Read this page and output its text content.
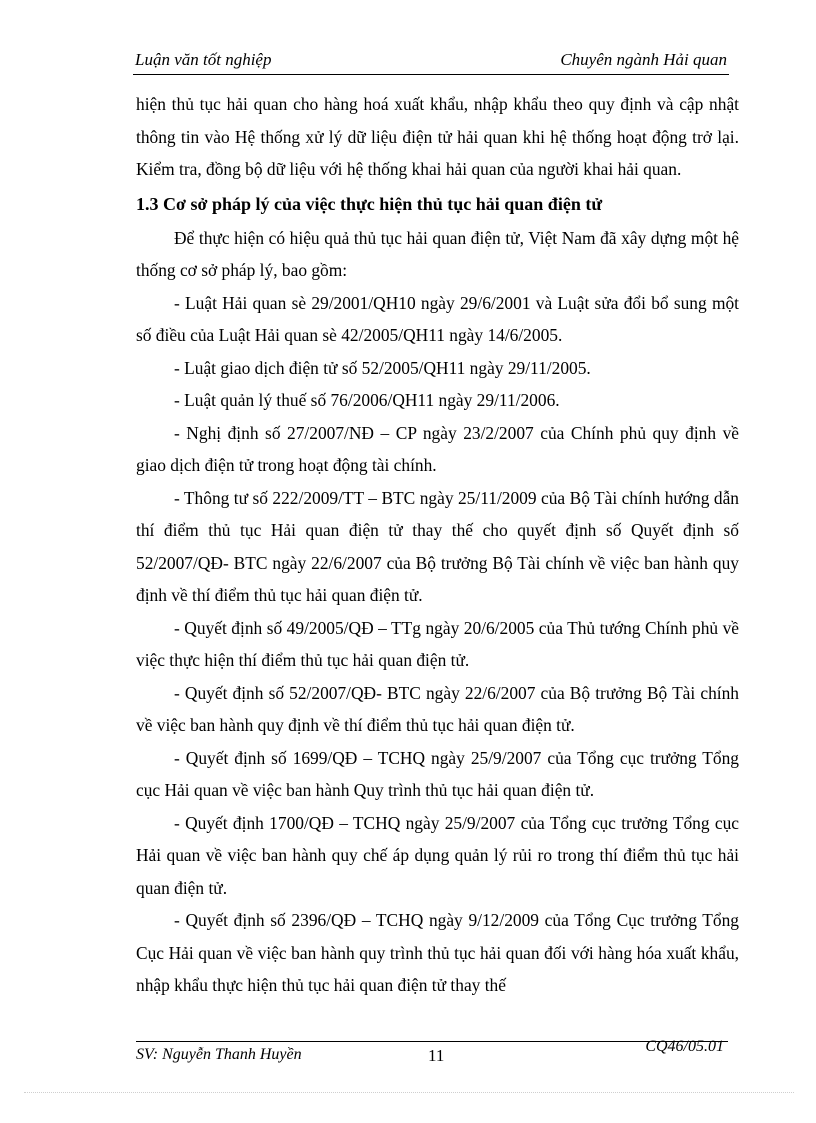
Luận văn tốt nghiệp	Chuyên ngành Hải quan

hiện thủ tục hải quan cho hàng hoá xuất khẩu, nhập khẩu theo quy định và cập nhật thông tin vào Hệ thống xử lý dữ liệu điện tử hải quan khi hệ thống hoạt động trở lại. Kiểm tra, đồng bộ dữ liệu với hệ thống khai hải quan của người khai hải quan.

1.3 Cơ sở pháp lý của việc thực hiện thủ tục hải quan điện tử

Để thực hiện có hiệu quả thủ tục hải quan điện tử, Việt Nam đã xây dựng một hệ thống cơ sở pháp lý, bao gồm:

- Luật Hải quan sè 29/2001/QH10 ngày 29/6/2001 và Luật sửa đổi bổ sung một số điều của Luật Hải quan sè 42/2005/QH11 ngày 14/6/2005.

- Luật giao dịch điện tử số 52/2005/QH11 ngày 29/11/2005.

- Luật quản lý thuế số 76/2006/QH11 ngày 29/11/2006.

- Nghị định số 27/2007/NĐ – CP ngày 23/2/2007 của Chính phủ quy định về giao dịch điện tử trong hoạt động tài chính.

- Thông tư số 222/2009/TT – BTC ngày 25/11/2009 của Bộ Tài chính hướng dẫn thí điểm thủ tục Hải quan điện tử thay thế cho quyết định số Quyết định số 52/2007/QĐ- BTC ngày 22/6/2007 của Bộ trưởng Bộ Tài chính về việc ban hành quy định về thí điểm thủ tục hải quan điện tử.

- Quyết định số 49/2005/QĐ – TTg ngày 20/6/2005 của Thủ tướng Chính phủ về việc thực hiện thí điểm thủ tục hải quan điện tử.

- Quyết định số 52/2007/QĐ- BTC ngày 22/6/2007 của Bộ trưởng Bộ Tài chính về việc ban hành quy định về thí điểm thủ tục hải quan điện tử.

- Quyết định số 1699/QĐ – TCHQ ngày 25/9/2007 của Tổng cục trưởng Tổng cục Hải quan về việc ban hành Quy trình thủ tục hải quan điện tử.

- Quyết định 1700/QĐ – TCHQ ngày 25/9/2007 của Tổng cục trưởng Tổng cục Hải quan về việc ban hành quy chế áp dụng quản lý rủi ro trong thí điểm thủ tục hải quan điện tử.

- Quyết định số 2396/QĐ – TCHQ ngày 9/12/2009 của Tổng Cục trưởng Tổng Cục Hải quan về việc ban hành quy trình thủ tục hải quan đối với hàng hóa xuất khẩu, nhập khẩu thực hiện thủ tục hải quan điện tử thay thế

SV: Nguyễn Thanh Huyền	11	CQ46/05.01
